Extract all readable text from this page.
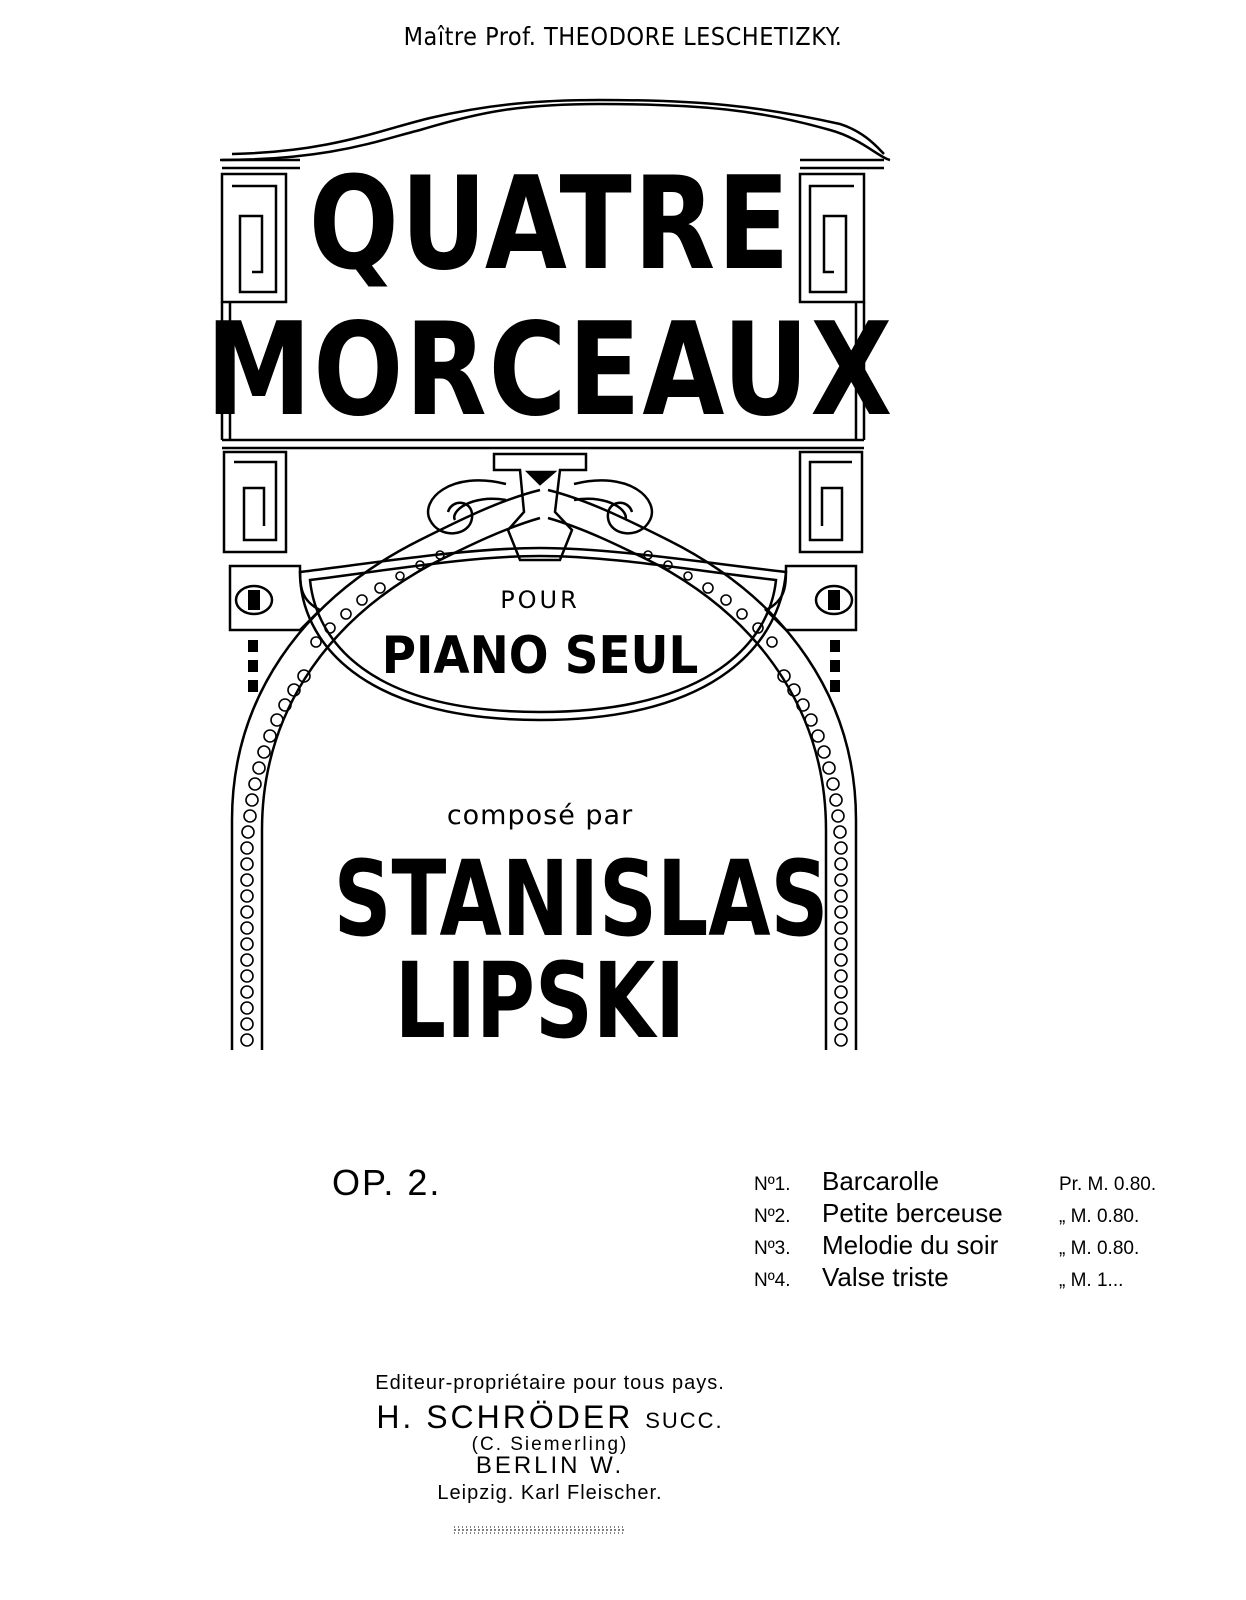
Maître Prof. THEODORE LESCHETIZKY.
QUATRE
MORCEAUX
POUR
PIANO SEUL
composé par
STANISLAS
LIPSKI
OP. 2.	Nº1. Barcarolle	Pr. M. 0.80.
Nº2. Petite berceuse	„ M. 0.80.
Nº3. Melodie du soir	„ M. 0.80.
Nº4. Valse triste	„ M. 1...
Editeur-propriétaire pour tous pays.
H. SCHRÖDER SUCC.
(C. Siemerling)
BERLIN W.
Leipzig. Karl Fleischer.
